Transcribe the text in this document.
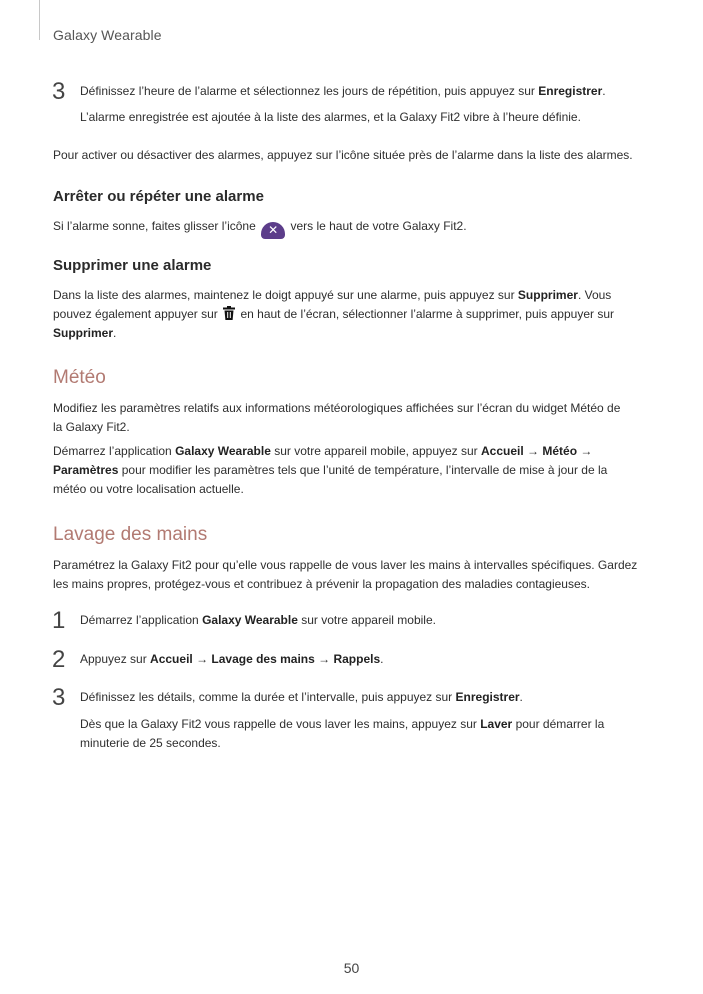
Galaxy Wearable
3 Définissez l’heure de l’alarme et sélectionnez les jours de répétition, puis appuyez sur Enregistrer.
L’alarme enregistrée est ajoutée à la liste des alarmes, et la Galaxy Fit2 vibre à l’heure définie.
Pour activer ou désactiver des alarmes, appuyez sur l’icône située près de l’alarme dans la liste des alarmes.
Arrêter ou répéter une alarme
Si l’alarme sonne, faites glisser l’icône ✕ vers le haut de votre Galaxy Fit2.
Supprimer une alarme
Dans la liste des alarmes, maintenez le doigt appuyé sur une alarme, puis appuyez sur Supprimer. Vous
pouvez également appuyer sur en haut de l’écran, sélectionner l’alarme à supprimer, puis appuyer sur
Supprimer.
Météo
Modifiez les paramètres relatifs aux informations météorologiques affichées sur l’écran du widget Météo de
la Galaxy Fit2.
Démarrez l’application Galaxy Wearable sur votre appareil mobile, appuyez sur Accueil → Météo →
Paramètres pour modifier les paramètres tels que l’unité de température, l’intervalle de mise à jour de la
météo ou votre localisation actuelle.
Lavage des mains
Paramétrez la Galaxy Fit2 pour qu’elle vous rappelle de vous laver les mains à intervalles spécifiques. Gardez
les mains propres, protégez-vous et contribuez à prévenir la propagation des maladies contagieuses.
1 Démarrez l’application Galaxy Wearable sur votre appareil mobile.
2 Appuyez sur Accueil → Lavage des mains → Rappels.
3 Définissez les détails, comme la durée et l’intervalle, puis appuyez sur Enregistrer.
Dès que la Galaxy Fit2 vous rappelle de vous laver les mains, appuyez sur Laver pour démarrer la
minuterie de 25 secondes.
50
